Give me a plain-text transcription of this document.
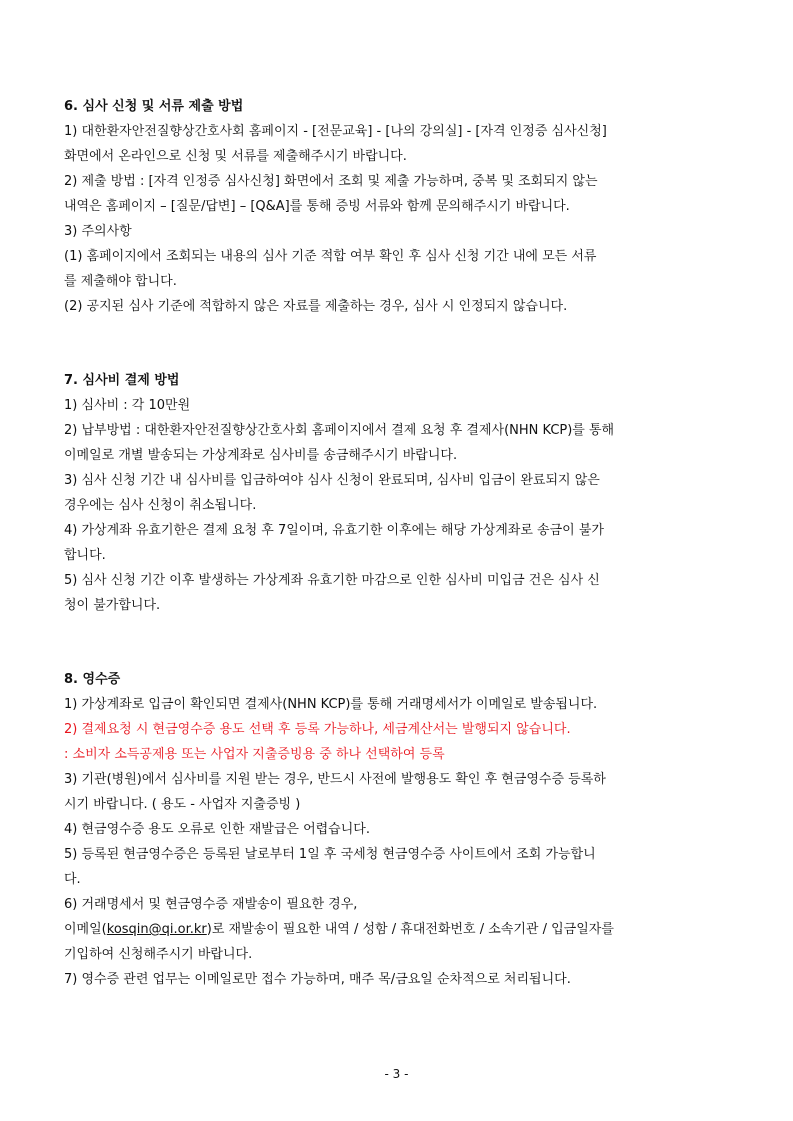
6. 심사 신청 및 서류 제출 방법

1) 대한환자안전질향상간호사회 홈페이지 - [전문교육] - [나의 강의실] - [자격 인정증 심사신청]

화면에서 온라인으로 신청 및 서류를 제출해주시기 바랍니다.

2) 제출 방법 : [자격 인정증 심사신청] 화면에서 조회 및 제출 가능하며, 중복 및 조회되지 않는

내역은 홈페이지 – [질문/답변] – [Q&A]를 통해 증빙 서류와 함께 문의해주시기 바랍니다.

3) 주의사항

(1) 홈페이지에서 조회되는 내용의 심사 기준 적합 여부 확인 후 심사 신청 기간 내에 모든 서류

를 제출해야 합니다.

(2) 공지된 심사 기준에 적합하지 않은 자료를 제출하는 경우, 심사 시 인정되지 않습니다.

7. 심사비 결제 방법

1) 심사비 : 각 10만원

2) 납부방법 : 대한환자안전질향상간호사회 홈페이지에서 결제 요청 후 결제사(NHN KCP)를 통해

이메일로 개별 발송되는 가상계좌로 심사비를 송금해주시기 바랍니다.

3) 심사 신청 기간 내 심사비를 입금하여야 심사 신청이 완료되며, 심사비 입금이 완료되지 않은

경우에는 심사 신청이 취소됩니다.

4) 가상계좌 유효기한은 결제 요청 후 7일이며, 유효기한 이후에는 해당 가상계좌로 송금이 불가

합니다.

5) 심사 신청 기간 이후 발생하는 가상계좌 유효기한 마감으로 인한 심사비 미입금 건은 심사 신

청이 불가합니다.

8. 영수증

1) 가상계좌로 입금이 확인되면 결제사(NHN KCP)를 통해 거래명세서가 이메일로 발송됩니다.

2) 결제요청 시 현금영수증 용도 선택 후 등록 가능하나, 세금계산서는 발행되지 않습니다.

: 소비자 소득공제용 또는 사업자 지출증빙용 중 하나 선택하여 등록

3) 기관(병원)에서 심사비를 지원 받는 경우, 반드시 사전에 발행용도 확인 후 현금영수증 등록하

시기 바랍니다. ( 용도 - 사업자 지출증빙 )

4) 현금영수증 용도 오류로 인한 재발급은 어렵습니다.

5) 등록된 현금영수증은 등록된 날로부터 1일 후 국세청 현금영수증 사이트에서 조회 가능합니

다.

6) 거래명세서 및 현금영수증 재발송이 필요한 경우,

이메일(kosqin@qi.or.kr)로 재발송이 필요한 내역 / 성함 / 휴대전화번호 / 소속기관 / 입금일자를

기입하여 신청해주시기 바랍니다.

7) 영수증 관련 업무는 이메일로만 접수 가능하며, 매주 목/금요일 순차적으로 처리됩니다.

- 3 -
